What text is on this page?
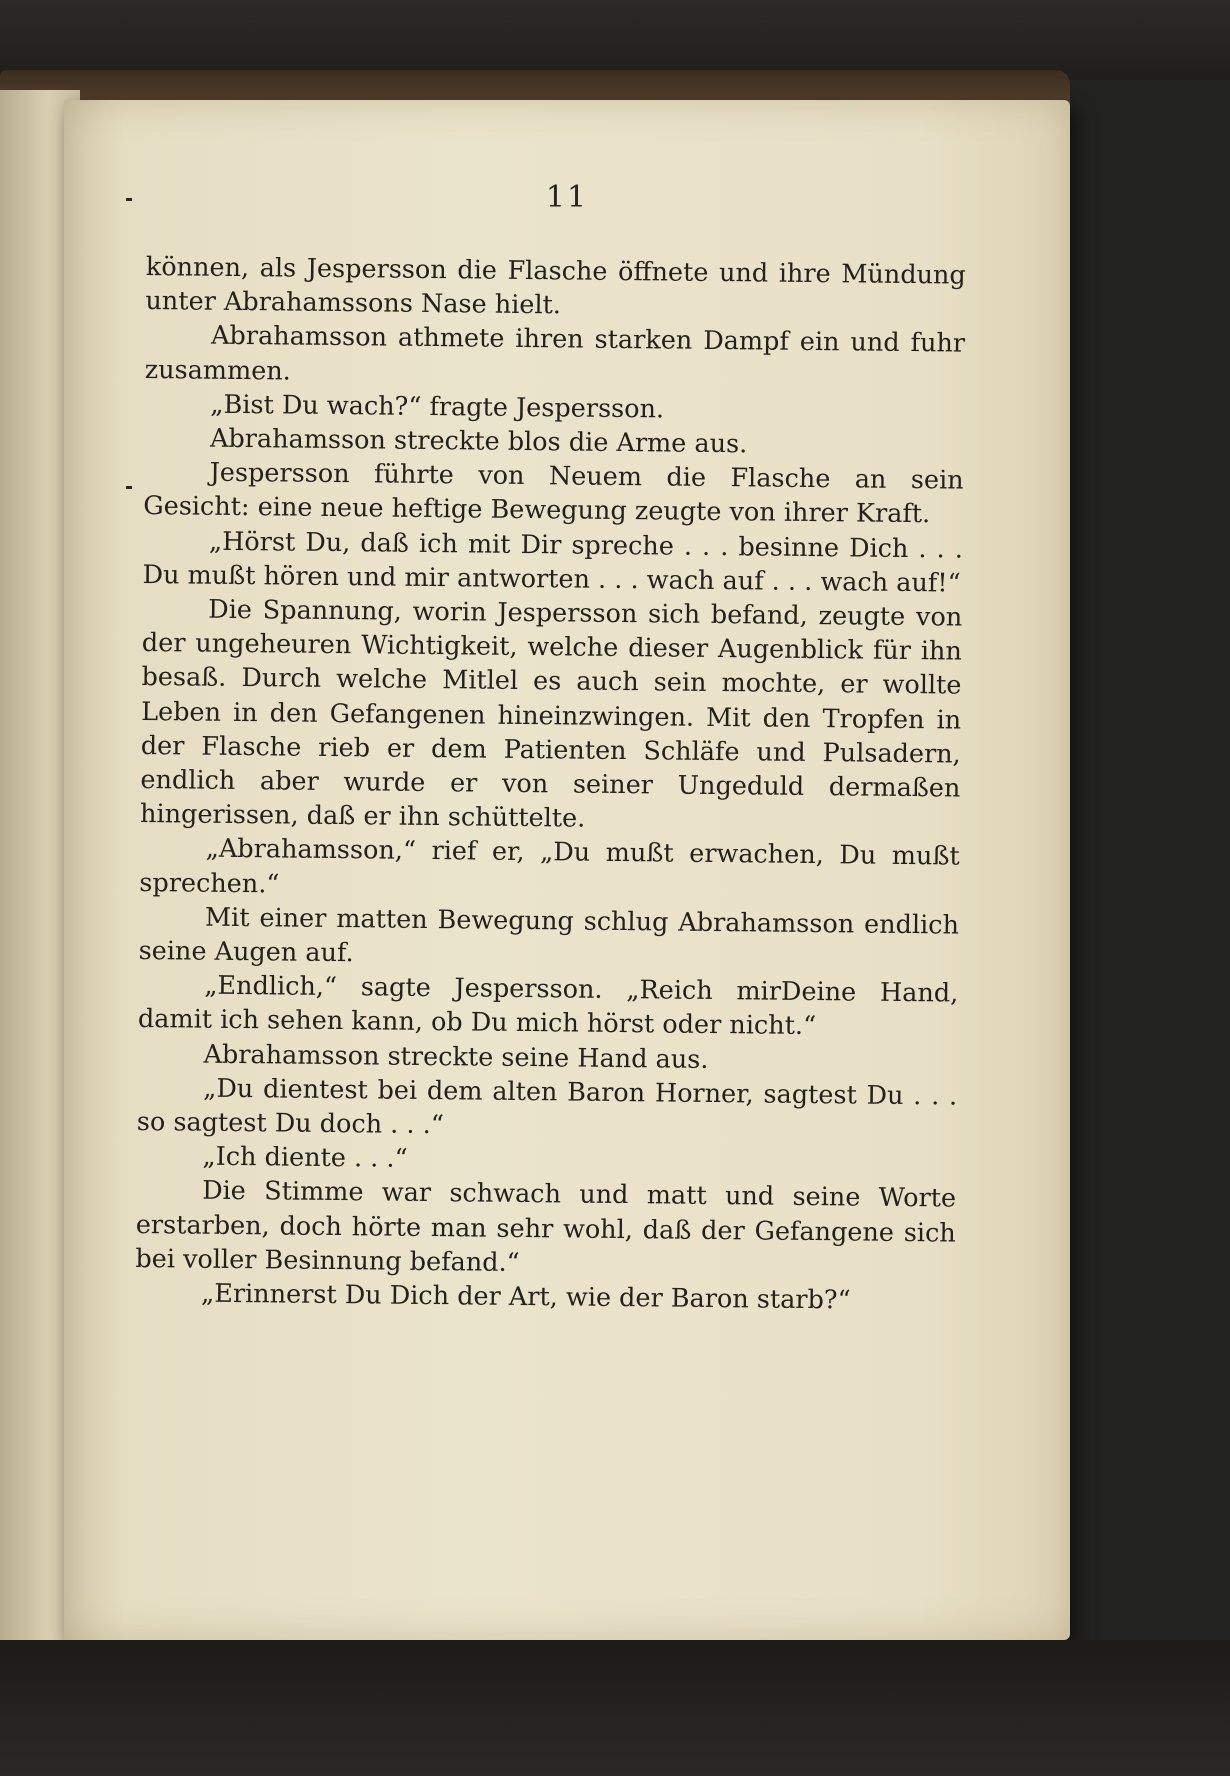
11

können, als Jespersson die Flasche öffnete und ihre Mündung unter Abrahamssons Nase hielt.

Abrahamsson athmete ihren starken Dampf ein und fuhr zusammen.

„Bist Du wach?“ fragte Jespersson.

Abrahamsson streckte blos die Arme aus.

Jespersson führte von Neuem die Flasche an sein Gesicht: eine neue heftige Bewegung zeugte von ihrer Kraft.

„Hörst Du, daß ich mit Dir spreche . . . besinne Dich . . . Du mußt hören und mir antworten . . . wach auf . . . wach auf!“

Die Spannung, worin Jespersson sich befand, zeugte von der ungeheuren Wichtigkeit, welche dieser Augenblick für ihn besaß. Durch welche Mitlel es auch sein mochte, er wollte Leben in den Gefangenen hineinzwingen. Mit den Tropfen in der Flasche rieb er dem Patienten Schläfe und Pulsadern, endlich aber wurde er von seiner Ungeduld dermaßen hingerissen, daß er ihn schüttelte.

„Abrahamsson,“ rief er, „Du mußt erwachen, Du mußt sprechen.“

Mit einer matten Bewegung schlug Abrahamsson endlich seine Augen auf.

„Endlich,“ sagte Jespersson. „Reich mirDeine Hand, damit ich sehen kann, ob Du mich hörst oder nicht.“

Abrahamsson streckte seine Hand aus.

„Du dientest bei dem alten Baron Horner, sagtest Du . . . so sagtest Du doch . . .“

„Ich diente . . .“

Die Stimme war schwach und matt und seine Worte erstarben, doch hörte man sehr wohl, daß der Gefangene sich bei voller Besinnung befand.“

„Erinnerst Du Dich der Art, wie der Baron starb?“
